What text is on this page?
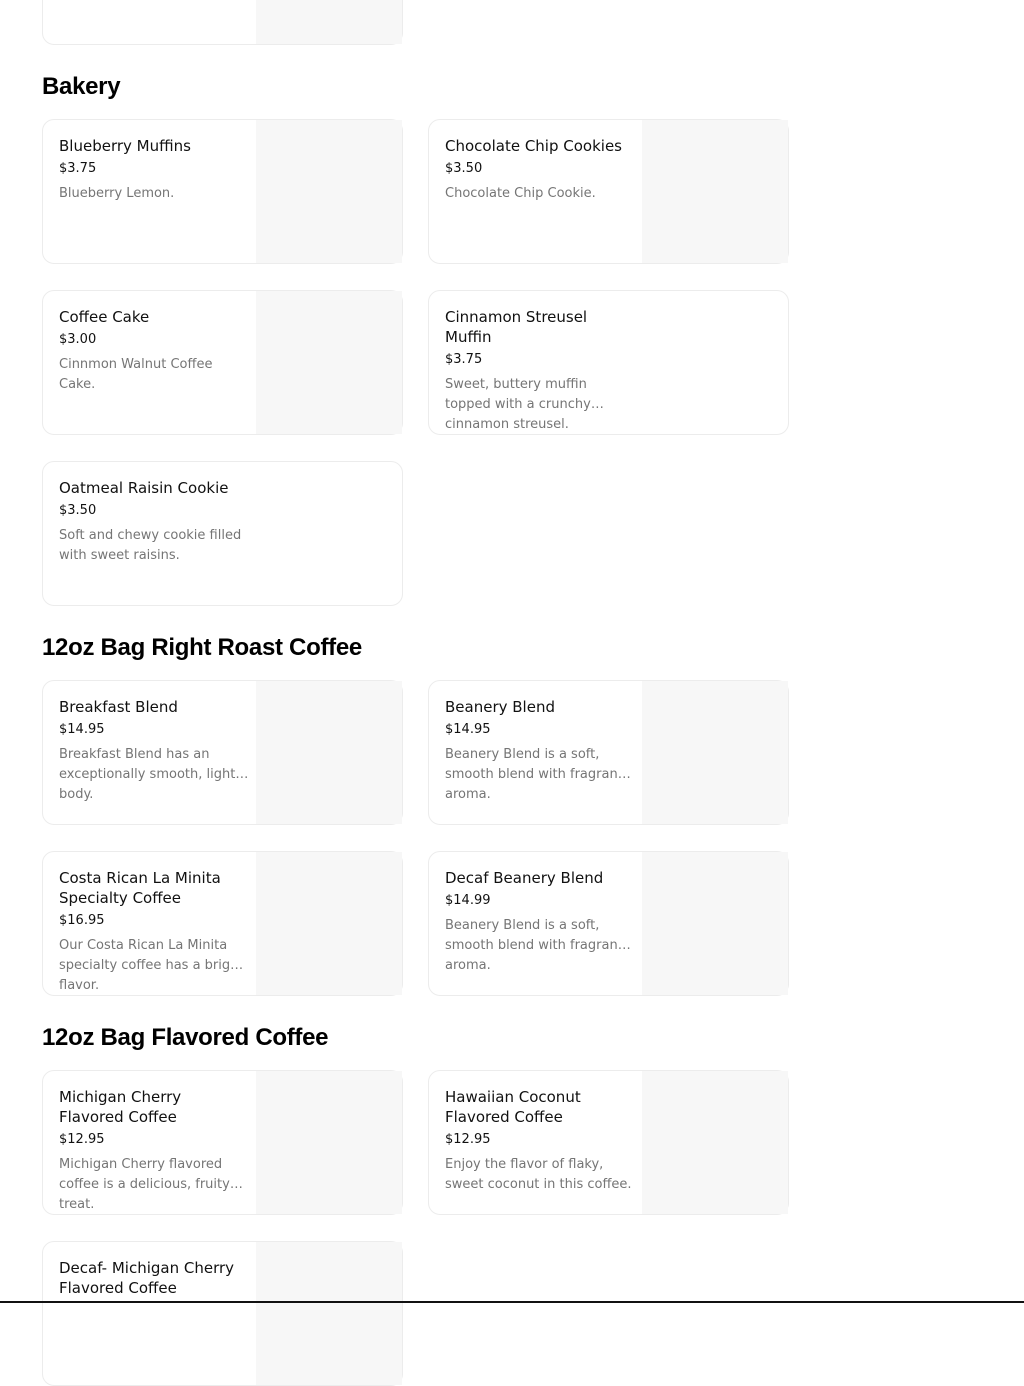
Bakery
Blueberry Muffins
$3.75
Blueberry Lemon.
Chocolate Chip Cookies
$3.50
Chocolate Chip Cookie.
Coffee Cake
$3.00
Cinnmon Walnut Coffee Cake.
Cinnamon Streusel Muffin
$3.75
Sweet, buttery muffin topped with a crunchy cinnamon streusel.
Oatmeal Raisin Cookie
$3.50
Soft and chewy cookie filled with sweet raisins.
12oz Bag Right Roast Coffee
Breakfast Blend
$14.95
Breakfast Blend has an exceptionally smooth, light body.
Beanery Blend
$14.95
Beanery Blend is a soft, smooth blend with fragrant aroma.
Costa Rican La Minita Specialty Coffee
$16.95
Our Costa Rican La Minita specialty coffee has a bright flavor.
Decaf Beanery Blend
$14.99
Beanery Blend is a soft, smooth blend with fragrant aroma.
12oz Bag Flavored Coffee
Michigan Cherry Flavored Coffee
$12.95
Michigan Cherry flavored coffee is a delicious, fruity treat.
Hawaiian Coconut Flavored Coffee
$12.95
Enjoy the flavor of flaky, sweet coconut in this coffee.
Decaf- Michigan Cherry Flavored Coffee
